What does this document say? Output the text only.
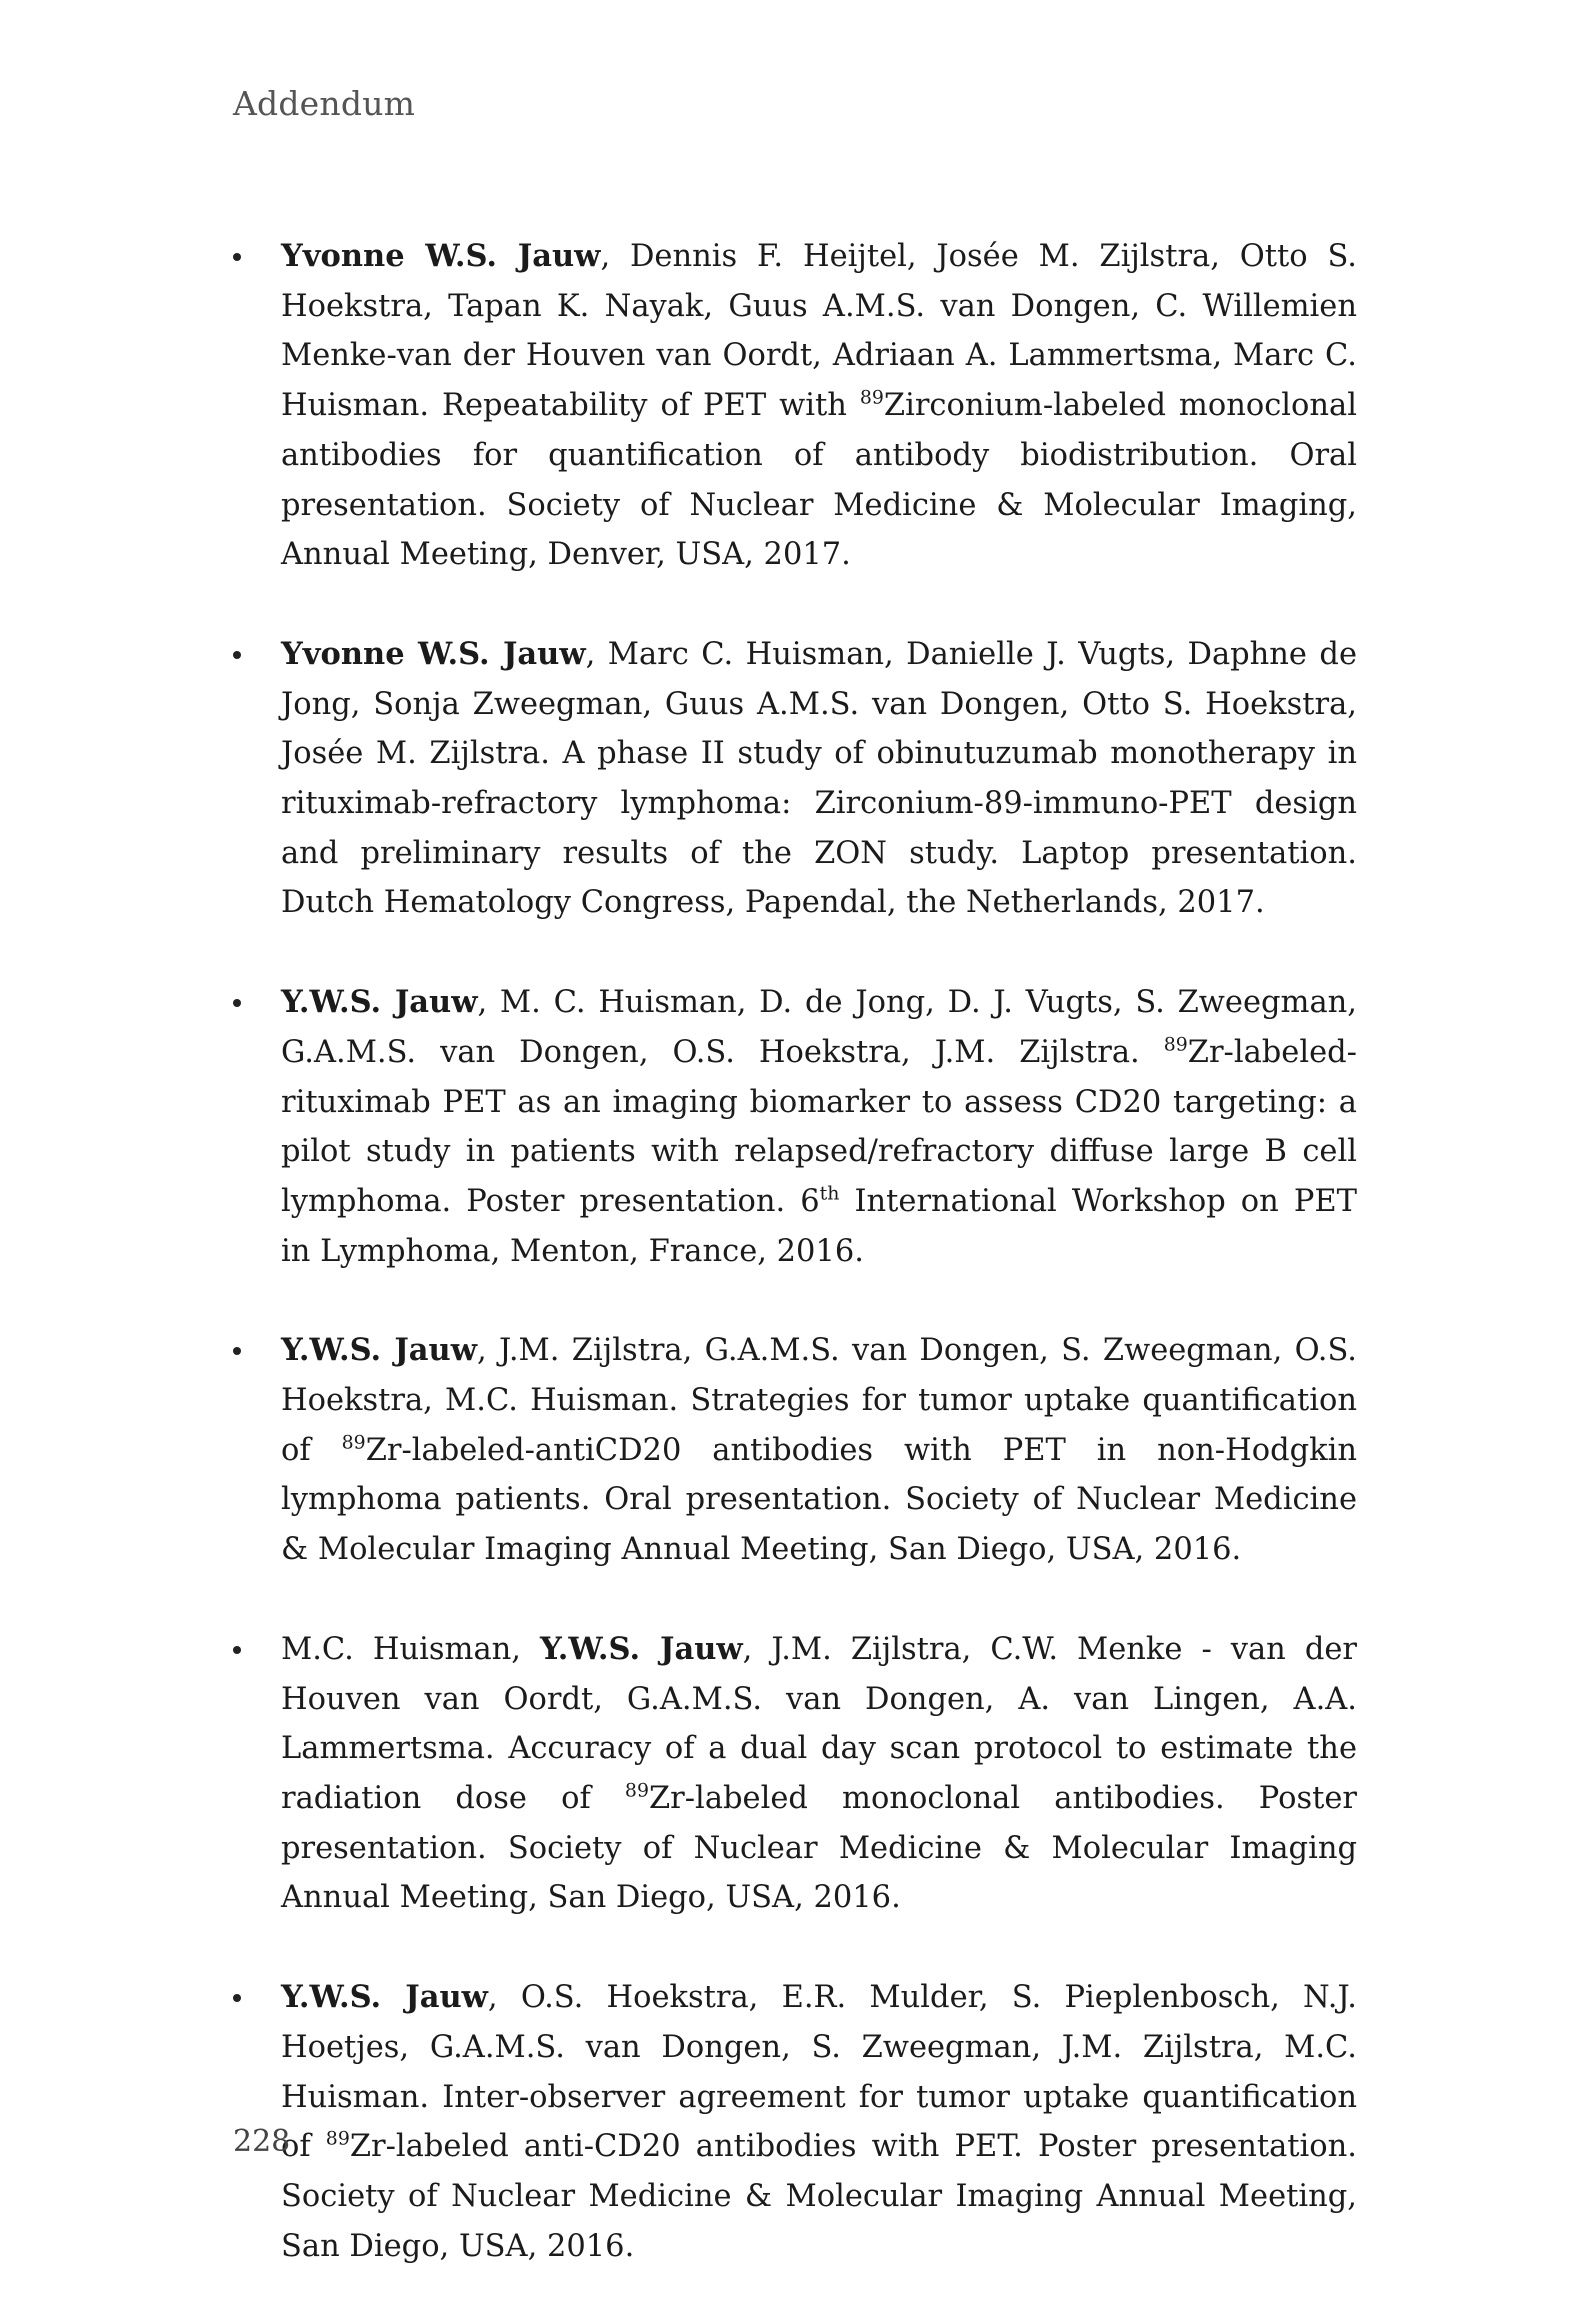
Addendum
Yvonne W.S. Jauw, Dennis F. Heijtel, Josée M. Zijlstra, Otto S. Hoekstra, Tapan K. Nayak, Guus A.M.S. van Dongen, C. Willemien Menke-van der Houven van Oordt, Adriaan A. Lammertsma, Marc C. Huisman. Repeatability of PET with $^{89}$Zirconium-labeled monoclonal antibodies for quantification of antibody biodistribution. Oral presentation. Society of Nuclear Medicine & Molecular Imaging, Annual Meeting, Denver, USA, 2017.
Yvonne W.S. Jauw, Marc C. Huisman, Danielle J. Vugts, Daphne de Jong, Sonja Zweegman, Guus A.M.S. van Dongen, Otto S. Hoekstra, Josée M. Zijlstra. A phase II study of obinutuzumab monotherapy in rituximab-refractory lymphoma: Zirconium-89-immuno-PET design and preliminary results of the ZON study. Laptop presentation. Dutch Hematology Congress, Papendal, the Netherlands, 2017.
Y.W.S. Jauw, M. C. Huisman, D. de Jong, D. J. Vugts, S. Zweegman, G.A.M.S. van Dongen, O.S. Hoekstra, J.M. Zijlstra. $^{89}$Zr-labeled-rituximab PET as an imaging biomarker to assess CD20 targeting: a pilot study in patients with relapsed/refractory diffuse large B cell lymphoma. Poster presentation. 6th International Workshop on PET in Lymphoma, Menton, France, 2016.
Y.W.S. Jauw, J.M. Zijlstra, G.A.M.S. van Dongen, S. Zweegman, O.S. Hoekstra, M.C. Huisman. Strategies for tumor uptake quantification of $^{89}$Zr-labeled-antiCD20 antibodies with PET in non-Hodgkin lymphoma patients. Oral presentation. Society of Nuclear Medicine & Molecular Imaging Annual Meeting, San Diego, USA, 2016.
M.C. Huisman, Y.W.S. Jauw, J.M. Zijlstra, C.W. Menke - van der Houven van Oordt, G.A.M.S. van Dongen, A. van Lingen, A.A. Lammertsma. Accuracy of a dual day scan protocol to estimate the radiation dose of $^{89}$Zr-labeled monoclonal antibodies. Poster presentation. Society of Nuclear Medicine & Molecular Imaging Annual Meeting, San Diego, USA, 2016.
Y.W.S. Jauw, O.S. Hoekstra, E.R. Mulder, S. Pieplenbosch, N.J. Hoetjes, G.A.M.S. van Dongen, S. Zweegman, J.M. Zijlstra, M.C. Huisman. Inter-observer agreement for tumor uptake quantification of $^{89}$Zr-labeled anti-CD20 antibodies with PET. Poster presentation. Society of Nuclear Medicine & Molecular Imaging Annual Meeting, San Diego, USA, 2016.
228
